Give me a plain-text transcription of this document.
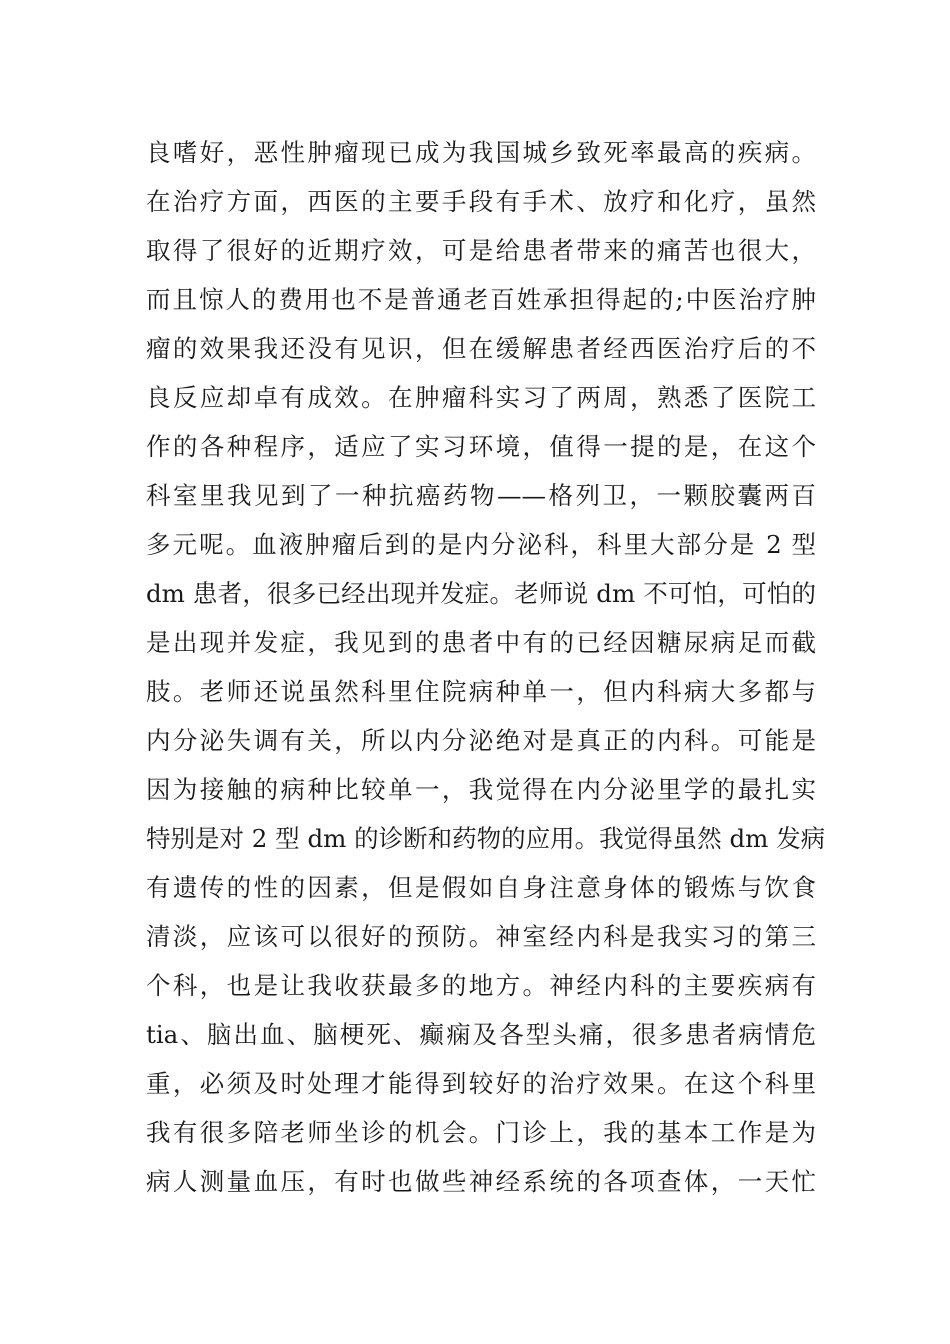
良嗜好，恶性肿瘤现已成为我国城乡致死率最高的疾病。
在治疗方面，西医的主要手段有手术、放疗和化疗，虽然
取得了很好的近期疗效，可是给患者带来的痛苦也很大，
而且惊人的费用也不是普通老百姓承担得起的;中医治疗肿
瘤的效果我还没有见识，但在缓解患者经西医治疗后的不
良反应却卓有成效。在肿瘤科实习了两周，熟悉了医院工
作的各种程序，适应了实习环境，值得一提的是，在这个
科室里我见到了一种抗癌药物——格列卫，一颗胶囊两百
多元呢。血液肿瘤后到的是内分泌科，科里大部分是 2 型
dm 患者，很多已经出现并发症。老师说 dm 不可怕，可怕的
是出现并发症，我见到的患者中有的已经因糖尿病足而截
肢。老师还说虽然科里住院病种单一，但内科病大多都与
内分泌失调有关，所以内分泌绝对是真正的内科。可能是
因为接触的病种比较单一，我觉得在内分泌里学的最扎实
特别是对 2 型 dm 的诊断和药物的应用。我觉得虽然 dm 发病
有遗传的性的因素，但是假如自身注意身体的锻炼与饮食
清淡，应该可以很好的预防。神室经内科是我实习的第三
个科，也是让我收获最多的地方。神经内科的主要疾病有
tia、脑出血、脑梗死、癫痫及各型头痛，很多患者病情危
重，必须及时处理才能得到较好的治疗效果。在这个科里
我有很多陪老师坐诊的机会。门诊上，我的基本工作是为
病人测量血压，有时也做些神经系统的各项查体，一天忙
